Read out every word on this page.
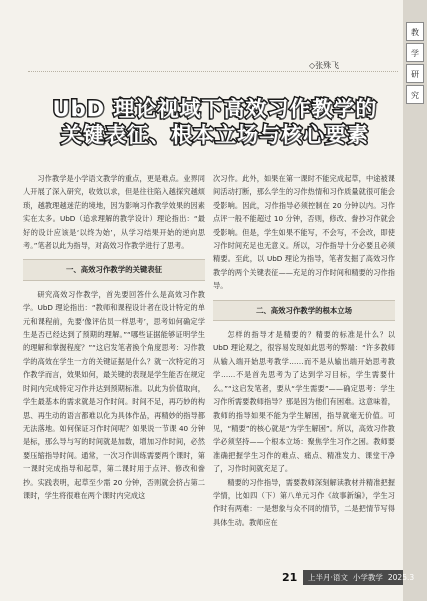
教
学
研
究
◇张殊飞
UbD 理论视域下高效习作教学的
关键表征、根本立场与核心要素

习作教学是小学语文教学的重点，更是难点。业界同人开展了深入研究，收效以求，但是往往陷入越探究越烦琐，越教理越迷茫的境地，因为影响习作教学效果的因素实在太多。UbD（追求理解的教学设计）理论指出：“最好的设计应该是‘以终为始’，从学习结果开始的逆向思考。”笔者以此为指导，对高效习作教学进行了思考。

一、高效习作教学的关键表征

研究高效习作教学，首先要回答什么是高效习作教学。UbD 理论指出：“教师和课程设计者在设计特定的单元和课程前，先要‘像评估员一样思考’，思考如何确定学生是否已经达到了预期的理解。”“哪些证据能够证明学生的理解和掌握程度？”“这启发笔者换个角度思考：习作教学的高效在学生一方的关键证据是什么？就一次特定的习作教学而言，效果如何，最关键的表现是学生能否在规定时间内完成特定习作并达到预期标准。以此为价值取向，学生最基本的需求就是习作时间。时间不足，再巧妙的构思、再生动的语言都难以化为具体作品，再精妙的指导都无法落地。如何保证习作时间呢？如果说一节课 40 分钟是标，那么导与写的时间就是加数，增加习作时间，必然要压缩指导时间。通常，一次习作训练需要两个课时，第一课时完成指导和起草，第二课时用于点评、修改和誊抄。实践表明，起草至少需 20 分钟，否则就会挤占第二课时，学生将很难在两个课时内完成这

次习作。此外，如果在第一课时不能完成起草，中途被课间活动打断，那么学生的习作热情和习作质量就很可能会受影响。因此，习作指导必须控制在 20 分钟以内。习作点评一般不能超过 10 分钟，否则，修改、誊抄习作就会受影响。但是，学生如果不能写，不会写，不会改，即使习作时间充足也无意义。所以，习作指导十分必要且必须精要。至此，以 UbD 理论为指导，笔者发掘了高效习作教学的两个关键表征——充足的习作时间和精要的习作指导。

二、高效习作教学的根本立场

怎样的指导才是精要的？精要的标准是什么？以 UbD 理论观之，很容易发现如此思考的弊端：“许多教师从输入端开始思考教学……而不是从输出端开始思考教学……不是首先思考为了达到学习目标，学生需要什么。”“这启发笔者，要从“学生需要”——确定思考：学生习作所需要教师指导？那是因为他们有困难。这意味着，教师的指导如果不能为学生解困，指导就毫无价值。可见，“精要”的核心就是“为学生解困”。所以，高效习作教学必须坚持——个根本立场：聚焦学生习作之困。教师要准确把握学生习作的难点、痛点、精准发力、课堂干净了，习作时间就充足了。

精要的习作指导，需要教师深刻解读教材并精准把握学情，比如四（下）第八单元习作《故事新编》，学生习作时有两难：一是想象与众不同的情节，二是把情节写得具体生动。教师应在

21 上半月·语文 小学教学 2025.3
